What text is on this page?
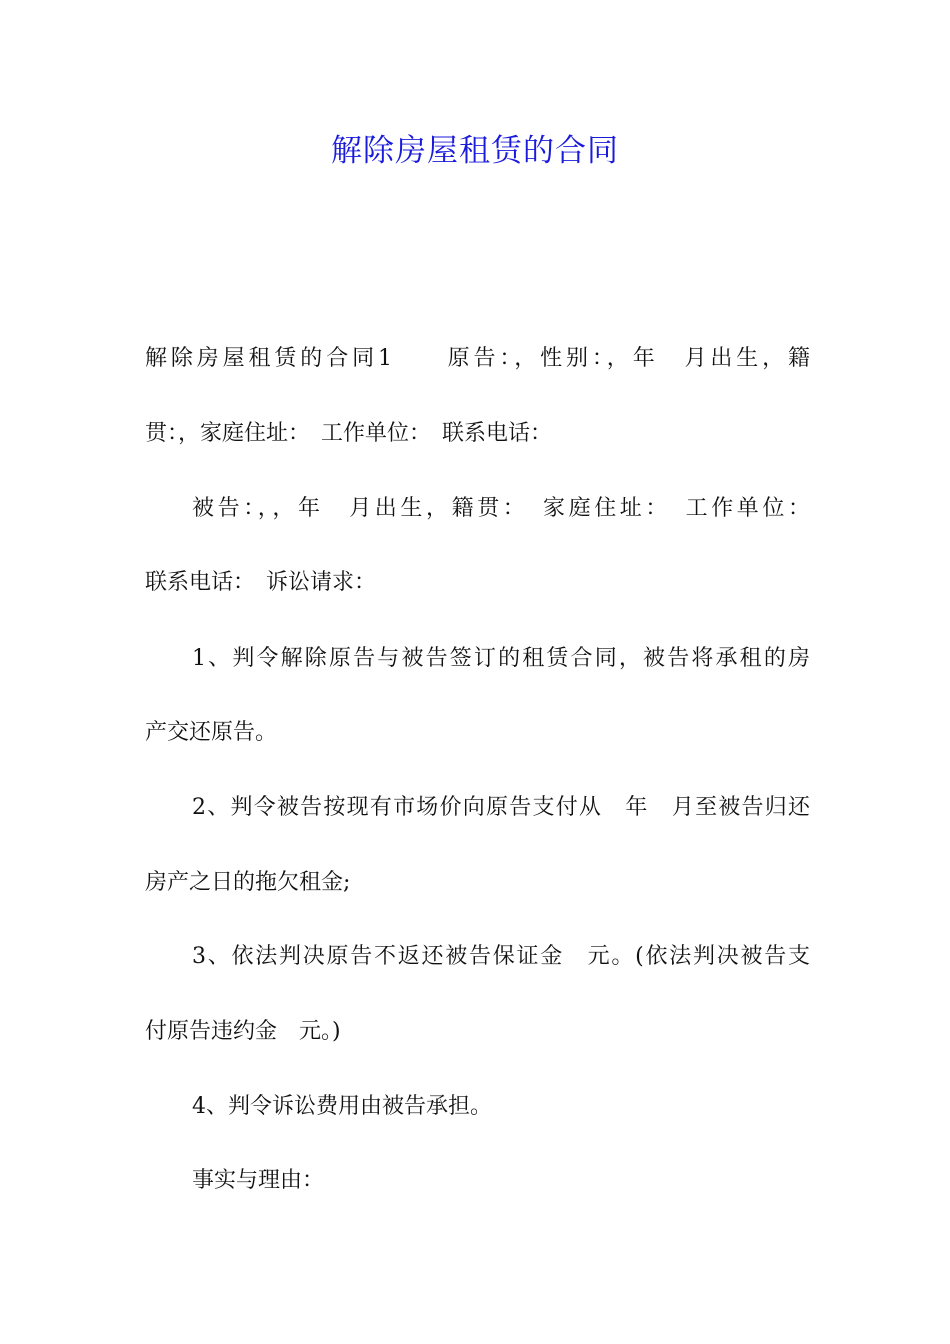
解除房屋租赁的合同

解除房屋租赁的合同1　　原告：，性别：，年　月出生，籍

贯：，家庭住址：　工作单位：　联系电话：

被告：，，年　月出生，籍贯：　家庭住址：　工作单位：

联系电话：　诉讼请求：

1、判令解除原告与被告签订的租赁合同，被告将承租的房

产交还原告。

2、判令被告按现有市场价向原告支付从　年　月至被告归还

房产之日的拖欠租金;

3、依法判决原告不返还被告保证金　元。(依法判决被告支

付原告违约金　元。)

4、判令诉讼费用由被告承担。

事实与理由：
